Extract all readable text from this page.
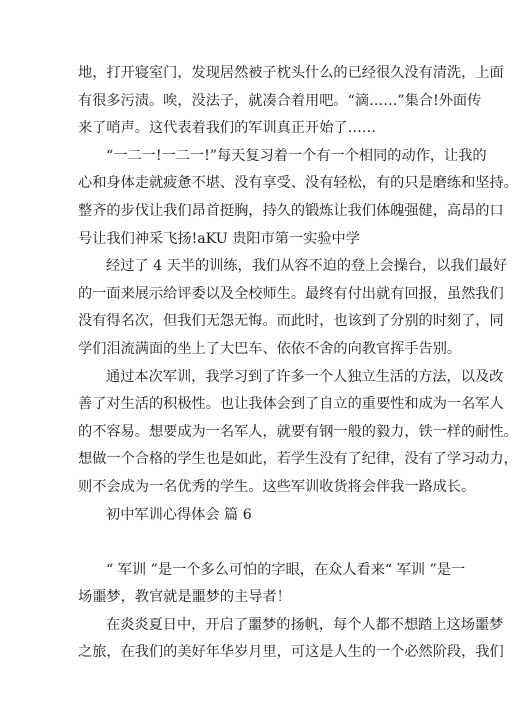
地，打开寝室门，发现居然被子枕头什么的已经很久没有清洗，上面
有很多污渍。唉，没法子，就凑合着用吧。“滴……”集合!外面传
来了哨声。这代表着我们的军训真正开始了……
“一二一!一二一!”每天复习着一个有一个相同的动作，让我的
心和身体走就疲惫不堪、没有享受、没有轻松，有的只是磨练和坚持。
整齐的步伐让我们昂首挺胸，持久的锻炼让我们体魄强健，高昂的口
号让我们神采飞扬!aKU 贵阳市第一实验中学
经过了 4 天半的训练，我们从容不迫的登上会操台，以我们最好
的一面来展示给评委以及全校师生。最终有付出就有回报，虽然我们
没有得名次，但我们无怨无悔。而此时，也该到了分别的时刻了，同
学们泪流满面的坐上了大巴车、依依不舍的向教官挥手告别。
通过本次军训，我学习到了许多一个人独立生活的方法，以及改
善了对生活的积极性。也让我体会到了自立的重要性和成为一名军人
的不容易。想要成为一名军人，就要有钢一般的毅力，铁一样的耐性。
想做一个合格的学生也是如此，若学生没有了纪律，没有了学习动力，
则不会成为一名优秀的学生。这些军训收货将会伴我一路成长。
初中军训心得体会 篇 6
“ 军训 ”是一个多么可怕的字眼，在众人看来“ 军训 ”是一
场噩梦，教官就是噩梦的主导者！
在炎炎夏日中，开启了噩梦的扬帆，每个人都不想踏上这场噩梦
之旅，在我们的美好年华岁月里，可这是人生的一个必然阶段，我们
